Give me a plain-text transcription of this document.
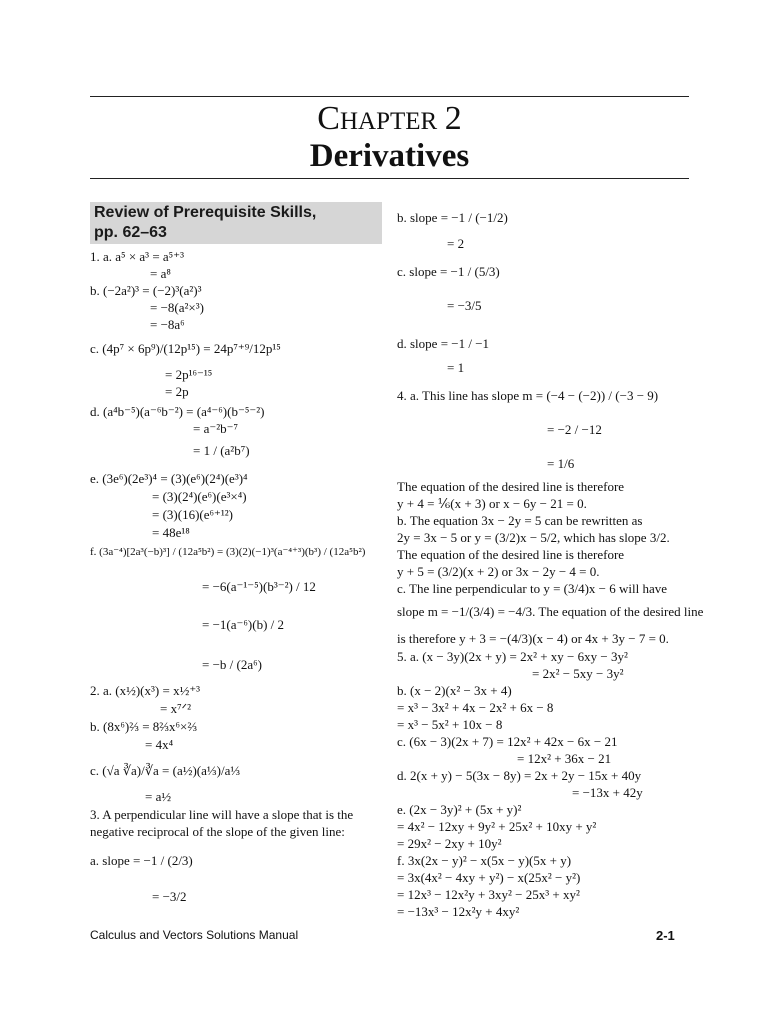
CHAPTER 2
Derivatives
Review of Prerequisite Skills,
pp. 62–63
1. a. a⁵ × a³ = a⁵⁺³
= a⁸
b. (−2a²)³ = (−2)³(a²)³
= −8(a²×³)
= −8a⁶
c. (4p⁷ × 6p⁹)/(12p¹⁵) = 24p⁷⁺⁹/12p¹⁵
= 2p¹⁶⁻¹⁵
= 2p
d. (a⁴b⁻⁵)(a⁻⁶b⁻²) = (a⁴⁻⁶)(b⁻⁵⁻²)
= a⁻²b⁻⁷
= 1 / (a²b⁷)
e. (3e⁶)(2e³)⁴ = (3)(e⁶)(2⁴)(e³)⁴
= (3)(2⁴)(e⁶)(e³×⁴)
= (3)(16)(e⁶⁺¹²)
= 48e¹⁸
f. (3a⁻⁴)[2a³(−b)³] / (12a⁵b²) = (3)(2)(−1)³(a⁻⁴⁺³)(b³) / (12a⁵b²)
= −6(a⁻¹⁻⁵)(b³⁻²) / 12
= −1(a⁻⁶)(b) / 2
= −b / (2a⁶)
2. a. (x½)(x³) = x½⁺³
= x⁷ᐟ²
b. (8x⁶)⅔ = 8⅔x⁶×⅔
= 4x⁴
c. (√a ∛a)/∛a = (a½)(a⅓)/a⅓
= a½
3. A perpendicular line will have a slope that is the
negative reciprocal of the slope of the given line:
a. slope = −1 / (2/3)
= −3/2
b. slope = −1 / (−1/2)
= 2
c. slope = −1 / (5/3)
= −3/5
d. slope = −1 / −1
= 1
4. a. This line has slope m = (−4 − (−2)) / (−3 − 9)
= −2 / −12
= 1/6
The equation of the desired line is therefore
y + 4 = ⅙(x + 3) or x − 6y − 21 = 0.
b. The equation 3x − 2y = 5 can be rewritten as
2y = 3x − 5 or y = (3/2)x − 5/2, which has slope 3/2.
The equation of the desired line is therefore
y + 5 = (3/2)(x + 2) or 3x − 2y − 4 = 0.
c. The line perpendicular to y = (3/4)x − 6 will have
slope m = −1/(3/4) = −4/3. The equation of the desired line
is therefore y + 3 = −(4/3)(x − 4) or 4x + 3y − 7 = 0.
5. a. (x − 3y)(2x + y) = 2x² + xy − 6xy − 3y²
= 2x² − 5xy − 3y²
b. (x − 2)(x² − 3x + 4)
= x³ − 3x² + 4x − 2x² + 6x − 8
= x³ − 5x² + 10x − 8
c. (6x − 3)(2x + 7) = 12x² + 42x − 6x − 21
= 12x² + 36x − 21
d. 2(x + y) − 5(3x − 8y) = 2x + 2y − 15x + 40y
= −13x + 42y
e. (2x − 3y)² + (5x + y)²
= 4x² − 12xy + 9y² + 25x² + 10xy + y²
= 29x² − 2xy + 10y²
f. 3x(2x − y)² − x(5x − y)(5x + y)
= 3x(4x² − 4xy + y²) − x(25x² − y²)
= 12x³ − 12x²y + 3xy² − 25x³ + xy²
= −13x³ − 12x²y + 4xy²
Calculus and Vectors Solutions Manual	2-1
